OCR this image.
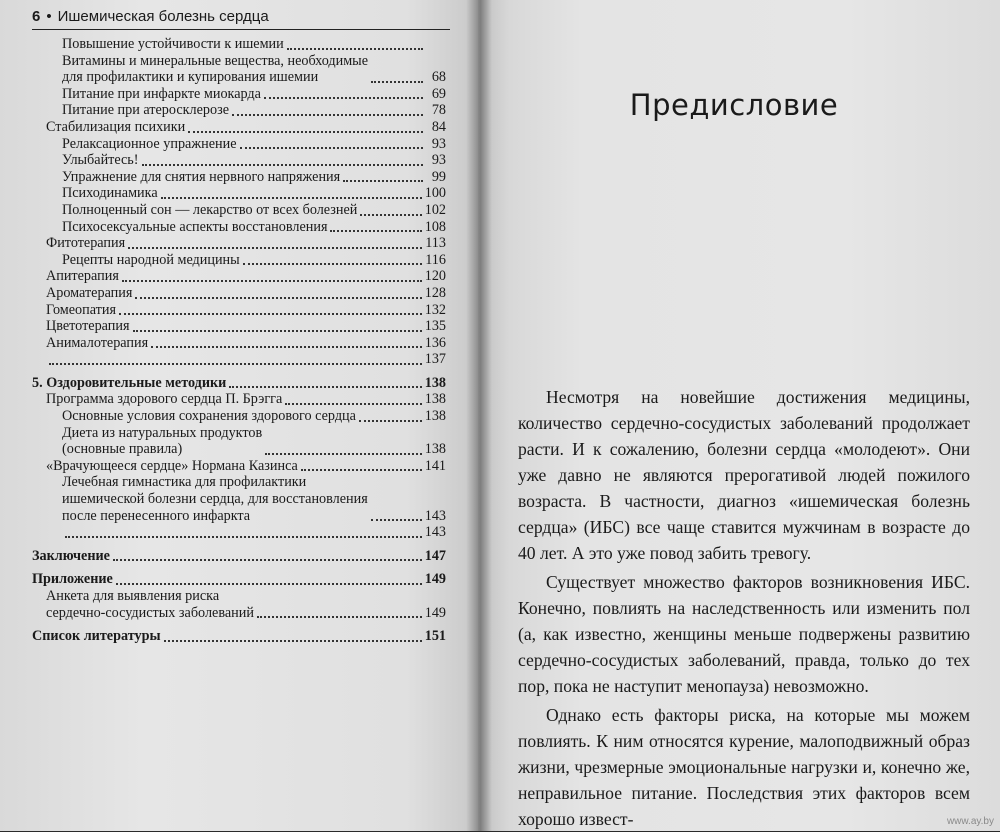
6 • Ишемическая болезнь сердца
Повышение устойчивости к ишемии
Витамины и минеральные вещества, необходимые
для профилактики и купирования ишемии	68
Питание при инфаркте миокарда	69
Питание при атеросклерозе	78
Стабилизация психики	84
Релаксационное упражнение	93
Улыбайтесь!	93
Упражнение для снятия нервного напряжения	99
Психодинамика	100
Полноценный сон — лекарство от всех болезней	102
Психосексуальные аспекты восстановления	108
Фитотерапия	113
Рецепты народной медицины	116
Апитерапия	120
Ароматерапия	128
Гомеопатия	132
Цветотерапия	135
Анималотерапия	136
137
5. Оздоровительные методики	138
Программа здорового сердца П. Брэгга	138
Основные условия сохранения здорового сердца	138
Диета из натуральных продуктов
(основные правила)	138
«Врачующееся сердце» Нормана Казинса	141
Лечебная гимнастика для профилактики
ишемической болезни сердца, для восстановления
после перенесенного инфаркта	143
143
Заключение	147
Приложение	149
Анкета для выявления риска
сердечно-сосудистых заболеваний	149
Список литературы	151
Предисловие

Несмотря на новейшие достижения медицины, количество сердечно-сосудистых заболеваний продолжает расти. И к сожалению, болезни сердца «молодеют». Они уже давно не являются прерогативой людей пожилого возраста. В частности, диагноз «ишемическая болезнь сердца» (ИБС) все чаще ставится мужчинам в возрасте до 40 лет. А это уже повод забить тревогу.

Существует множество факторов возникновения ИБС. Конечно, повлиять на наследственность или изменить пол (а, как известно, женщины меньше подвержены развитию сердечно-сосудистых заболеваний, правда, только до тех пор, пока не наступит менопауза) невозможно.

Однако есть факторы риска, на которые мы можем повлиять. К ним относятся курение, малоподвижный образ жизни, чрезмерные эмоциональные нагрузки и, конечно же, неправильное питание. Последствия этих факторов всем хорошо извест-	www.ay.by
